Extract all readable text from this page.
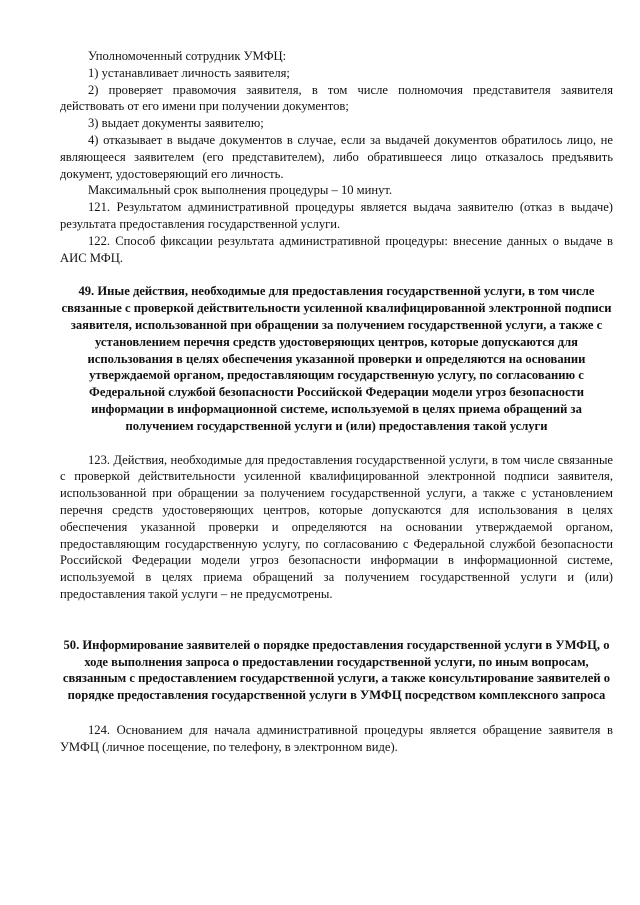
Уполномоченный сотрудник УМФЦ:

1) устанавливает личность заявителя;

2) проверяет правомочия заявителя, в том числе полномочия представителя заявителя действовать от его имени при получении документов;

3) выдает документы заявителю;

4) отказывает в выдаче документов в случае, если за выдачей документов обратилось лицо, не являющееся заявителем (его представителем), либо обратившееся лицо отказалось предъявить документ, удостоверяющий его личность.

Максимальный срок выполнения процедуры – 10 минут.

121. Результатом административной процедуры является выдача заявителю (отказ в выдаче) результата предоставления государственной услуги.

122. Способ фиксации результата административной процедуры: внесение данных о выдаче в АИС МФЦ.

49. Иные действия, необходимые для предоставления государственной услуги, в том числе связанные с проверкой действительности усиленной квалифицированной электронной подписи заявителя, использованной при обращении за получением государственной услуги, а также с установлением перечня средств удостоверяющих центров, которые допускаются для использования в целях обеспечения указанной проверки и определяются на основании утверждаемой органом, предоставляющим государственную услугу, по согласованию с Федеральной службой безопасности Российской Федерации модели угроз безопасности информации в информационной системе, используемой в целях приема обращений за получением государственной услуги и (или) предоставления такой услуги

123. Действия, необходимые для предоставления государственной услуги, в том числе связанные с проверкой действительности усиленной квалифицированной электронной подписи заявителя, использованной при обращении за получением государственной услуги, а также с установлением перечня средств удостоверяющих центров, которые допускаются для использования в целях обеспечения указанной проверки и определяются на основании утверждаемой органом, предоставляющим государственную услугу, по согласованию с Федеральной службой безопасности Российской Федерации модели угроз безопасности информации в информационной системе, используемой в целях приема обращений за получением государственной услуги и (или) предоставления такой услуги – не предусмотрены.

50. Информирование заявителей о порядке предоставления государственной услуги в УМФЦ, о ходе выполнения запроса о предоставлении государственной услуги, по иным вопросам, связанным с предоставлением государственной услуги, а также консультирование заявителей о порядке предоставления государственной услуги в УМФЦ посредством комплексного запроса

124. Основанием для начала административной процедуры является обращение заявителя в УМФЦ (личное посещение, по телефону, в электронном виде).
